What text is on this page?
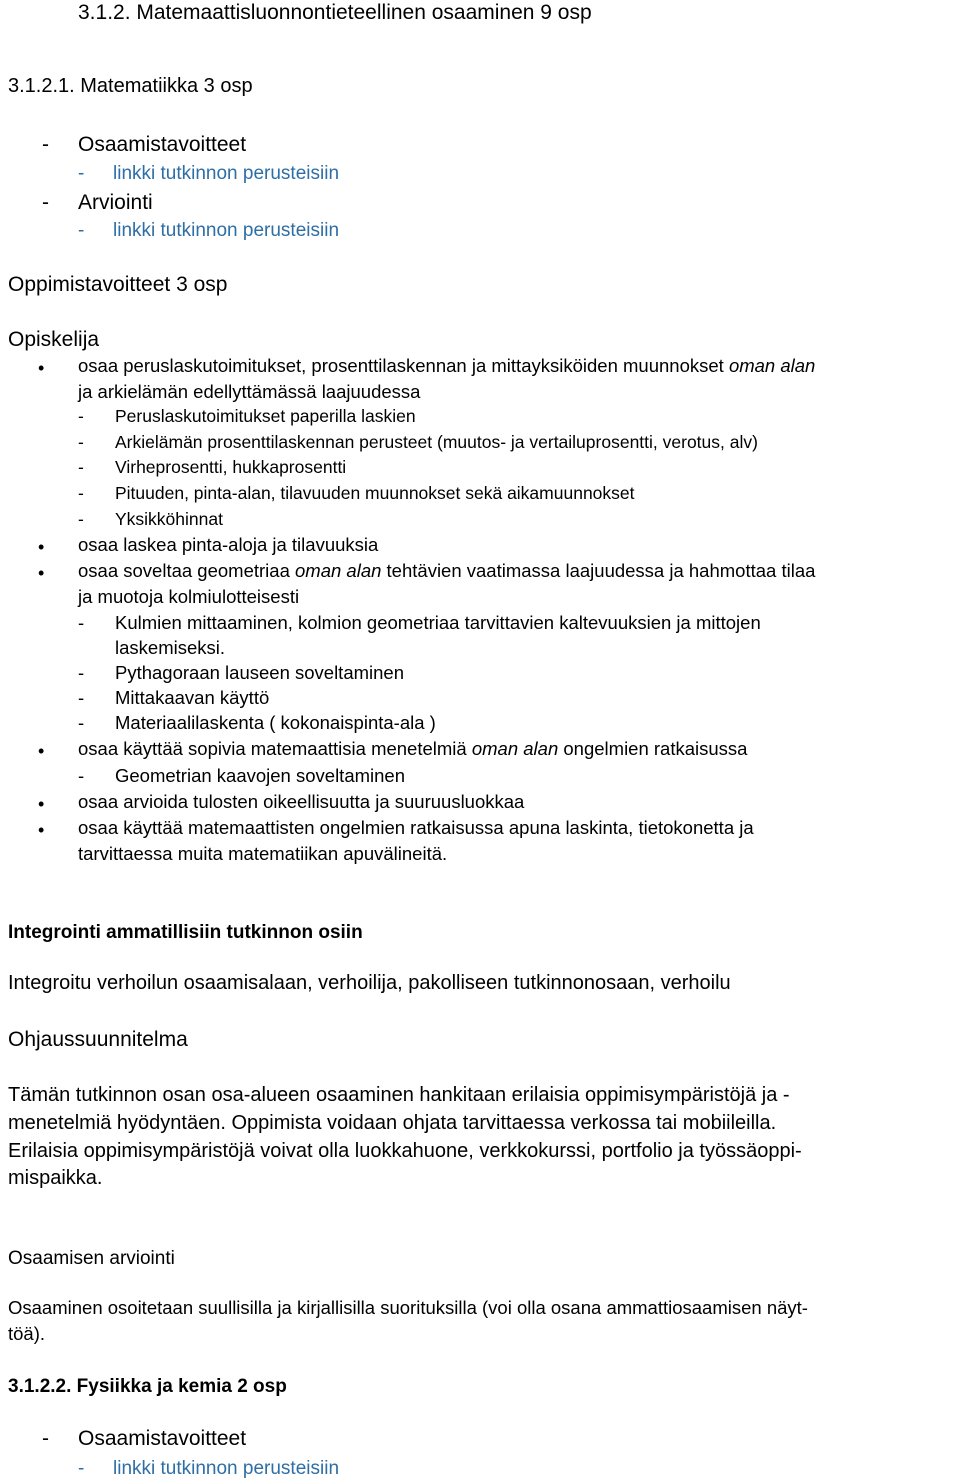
3.1.2. Matemaattisluonnontieteellinen osaaminen 9 osp
3.1.2.1. Matematiikka 3 osp
- Osaamistavoitteet
- linkki tutkinnon perusteisiin
- Arviointi
- linkki tutkinnon perusteisiin
Oppimistavoitteet 3 osp
Opiskelija
• osaa peruslaskutoimitukset, prosenttilaskennan ja mittayksiköiden muunnokset oman alan
ja arkielämän edellyttämässä laajuudessa
- Peruslaskutoimitukset paperilla laskien
- Arkielämän prosenttilaskennan perusteet (muutos- ja vertailuprosentti, verotus, alv)
- Virheprosentti, hukkaprosentti
- Pituuden, pinta-alan, tilavuuden muunnokset sekä aikamuunnokset
- Yksikköhinnat
• osaa laskea pinta-aloja ja tilavuuksia
• osaa soveltaa geometriaa oman alan tehtävien vaatimassa laajuudessa ja hahmottaa tilaa
ja muotoja kolmiulotteisesti
- Kulmien mittaaminen, kolmion geometriaa tarvittavien kaltevuuksien ja mittojen
laskemiseksi.
- Pythagoraan lauseen soveltaminen
- Mittakaavan käyttö
- Materiaalilaskenta ( kokonaispinta-ala )
• osaa käyttää sopivia matemaattisia menetelmiä oman alan ongelmien ratkaisussa
- Geometrian kaavojen soveltaminen
• osaa arvioida tulosten oikeellisuutta ja suuruusluokkaa
• osaa käyttää matemaattisten ongelmien ratkaisussa apuna laskinta, tietokonetta ja
tarvittaessa muita matematiikan apuvälineitä.
Integrointi ammatillisiin tutkinnon osiin
Integroitu verhoilun osaamisalaan, verhoilija, pakolliseen tutkinnonosaan, verhoilu
Ohjaussuunnitelma
Tämän tutkinnon osan osa-alueen osaaminen hankitaan erilaisia oppimisympäristöjä ja -
menetelmiä hyödyntäen. Oppimista voidaan ohjata tarvittaessa verkossa tai mobiileilla.
Erilaisia oppimisympäristöjä voivat olla luokkahuone, verkkokurssi, portfolio ja työssäoppi-
mispaikka.
Osaamisen arviointi
Osaaminen osoitetaan suullisilla ja kirjallisilla suorituksilla (voi olla osana ammattiosaamisen näyt-
töä).
3.1.2.2. Fysiikka ja kemia 2 osp
- Osaamistavoitteet
- linkki tutkinnon perusteisiin
